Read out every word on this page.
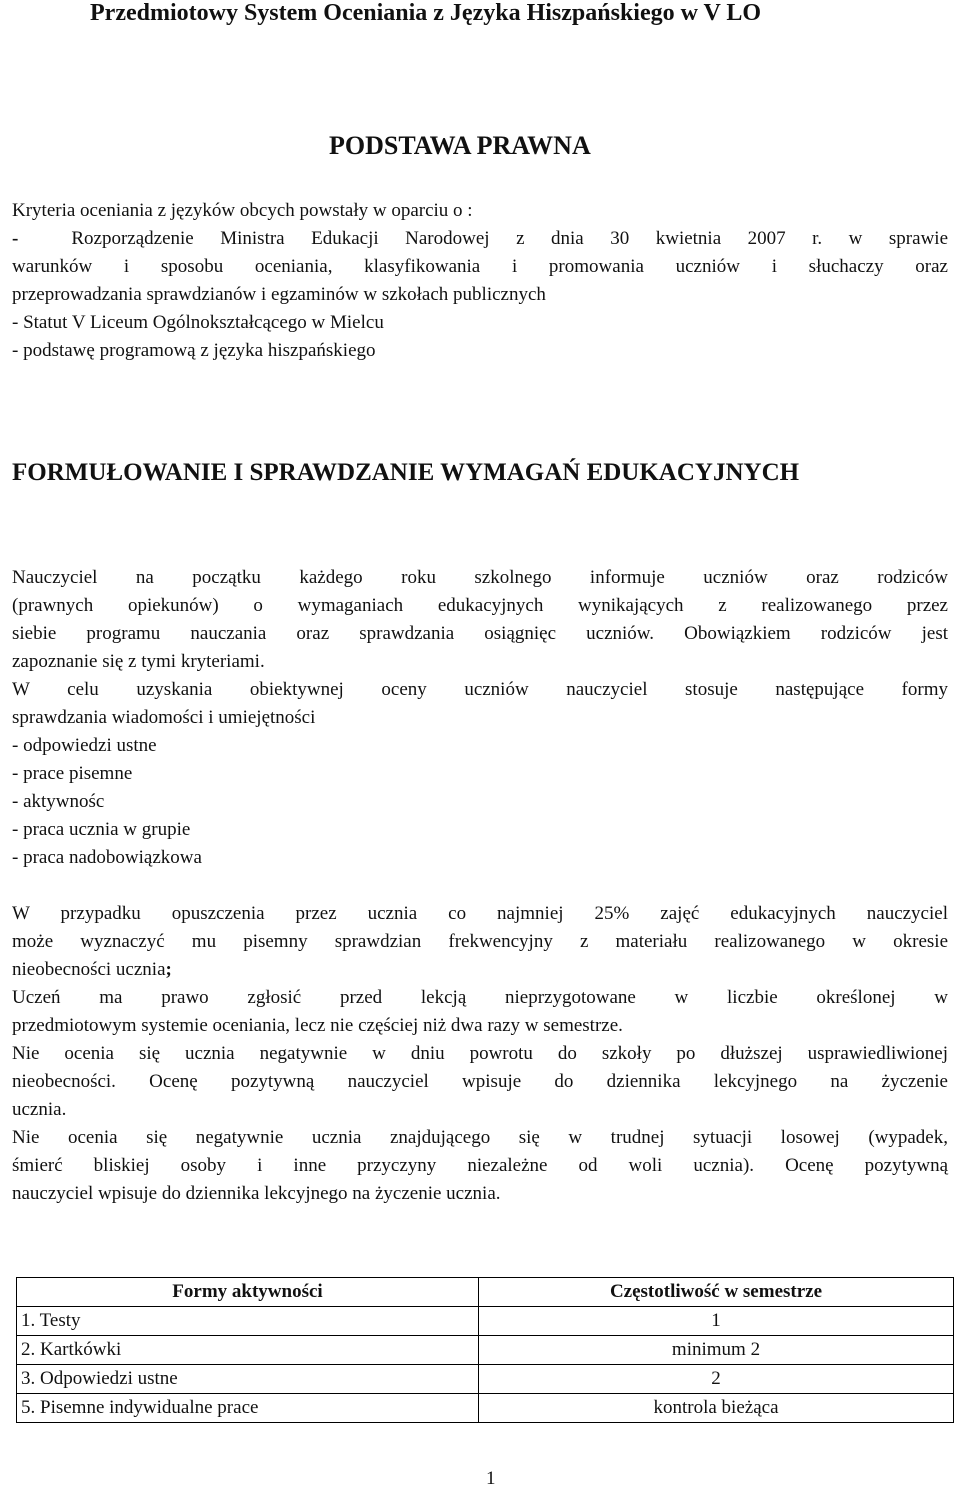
Przedmiotowy System Oceniania z Języka Hiszpańskiego w V LO
PODSTAWA PRAWNA
Kryteria oceniania z języków obcych powstały w oparciu o :
-  Rozporządzenie Ministra Edukacji Narodowej z dnia 30 kwietnia 2007 r. w sprawie
warunków i sposobu oceniania, klasyfikowania i promowania uczniów i słuchaczy oraz
przeprowadzania sprawdzianów i egzaminów w szkołach publicznych
- Statut V Liceum Ogólnokształcącego w Mielcu
- podstawę programową z języka hiszpańskiego
FORMUŁOWANIE I SPRAWDZANIE WYMAGAŃ EDUKACYJNYCH
Nauczyciel na początku każdego roku szkolnego informuje uczniów oraz rodziców
(prawnych opiekunów) o wymaganiach edukacyjnych wynikających z realizowanego przez
siebie programu nauczania oraz sprawdzania osiągnięc uczniów. Obowiązkiem rodziców jest
zapoznanie się z tymi kryteriami.
W celu uzyskania obiektywnej oceny uczniów nauczyciel stosuje następujące formy
sprawdzania wiadomości i umiejętności
- odpowiedzi ustne
- prace pisemne
- aktywnośc
- praca ucznia w grupie
- praca nadobowiązkowa
W przypadku opuszczenia przez ucznia co najmniej 25% zajęć edukacyjnych nauczyciel
może wyznaczyć mu pisemny sprawdzian frekwencyjny z materiału realizowanego w okresie
nieobecności ucznia;
Uczeń ma prawo zgłosić przed lekcją nieprzygotowane w liczbie określonej w
przedmiotowym systemie oceniania, lecz nie częściej niż dwa razy w semestrze.
Nie ocenia się ucznia negatywnie w dniu powrotu do szkoły po dłuższej usprawiedliwionej
nieobecności. Ocenę pozytywną nauczyciel wpisuje do dziennika lekcyjnego na życzenie
ucznia.
Nie ocenia się negatywnie ucznia znajdującego się w trudnej sytuacji losowej (wypadek,
śmierć bliskiej osoby i inne przyczyny niezależne od woli ucznia). Ocenę pozytywną
nauczyciel wpisuje do dziennika lekcyjnego na życzenie ucznia.
Formy aktywności	Częstotliwość w semestrze
1. Testy	1
2. Kartkówki	minimum 2
3. Odpowiedzi ustne	2
5. Pisemne indywidualne prace	kontrola bieżąca
1
